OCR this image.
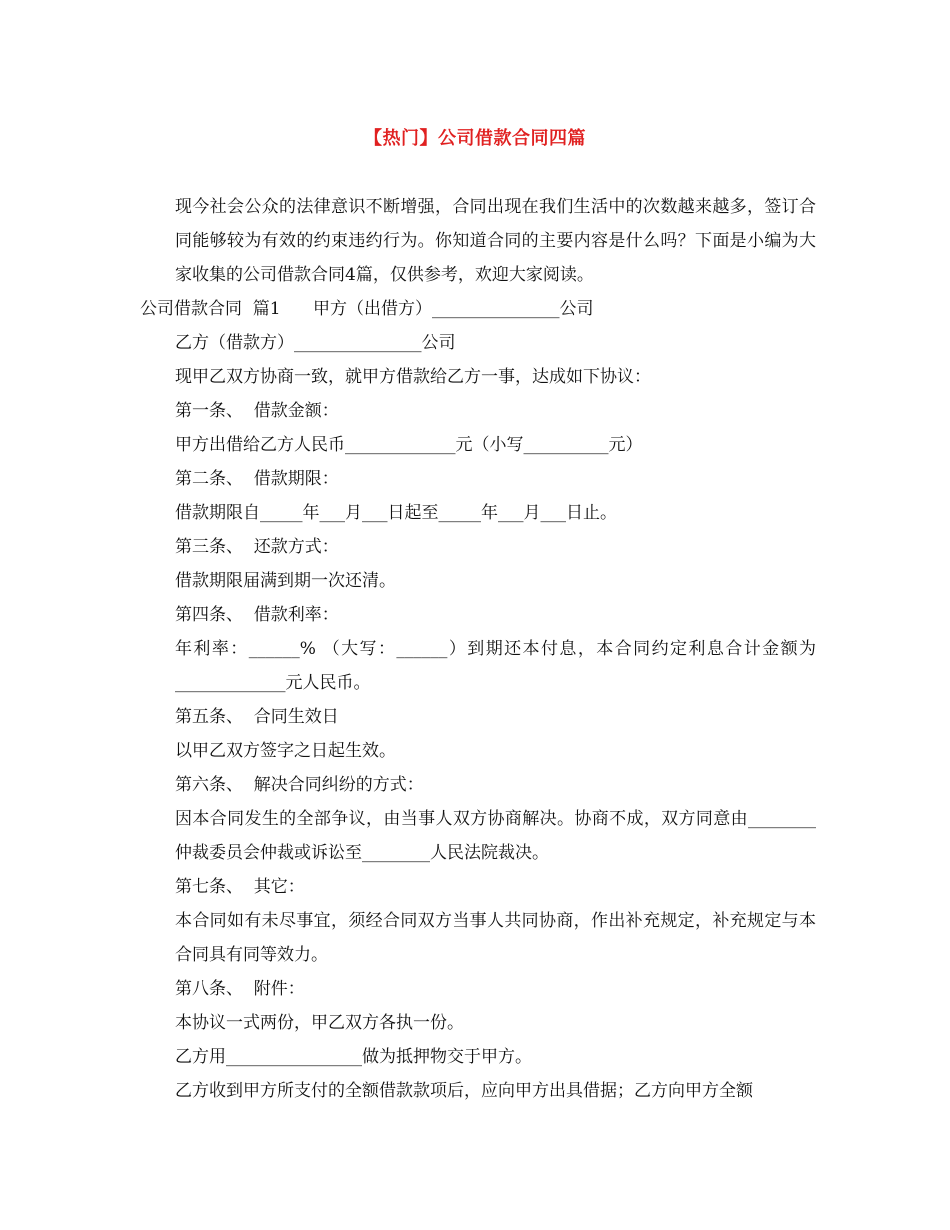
【热门】公司借款合同四篇

现今社会公众的法律意识不断增强，合同出现在我们生活中的次数越来越多，签订合同能够较为有效的约束违约行为。你知道合同的主要内容是什么吗？下面是小编为大家收集的公司借款合同4篇，仅供参考，欢迎大家阅读。

公司借款合同  篇1      甲方（出借方）_______________公司

乙方（借款方）_______________公司

现甲乙双方协商一致，就甲方借款给乙方一事，达成如下协议：

第一条、  借款金额：

甲方出借给乙方人民币_____________元（小写__________元）

第二条、  借款期限：

借款期限自_____年___月___日起至_____年___月___日止。

第三条、  还款方式：

借款期限届满到期一次还清。

第四条、  借款利率：

年利率：______% （大写：______）到期还本付息，本合同约定利息合计金额为_____________元人民币。

第五条、  合同生效日

以甲乙双方签字之日起生效。

第六条、  解决合同纠纷的方式：

因本合同发生的全部争议，由当事人双方协商解决。协商不成，双方同意由________仲裁委员会仲裁或诉讼至________人民法院裁决。

第七条、  其它：

本合同如有未尽事宜，须经合同双方当事人共同协商，作出补充规定，补充规定与本合同具有同等效力。

第八条、  附件：

本协议一式两份，甲乙双方各执一份。

乙方用________________做为抵押物交于甲方。

乙方收到甲方所支付的全额借款款项后，应向甲方出具借据；乙方向甲方全额
